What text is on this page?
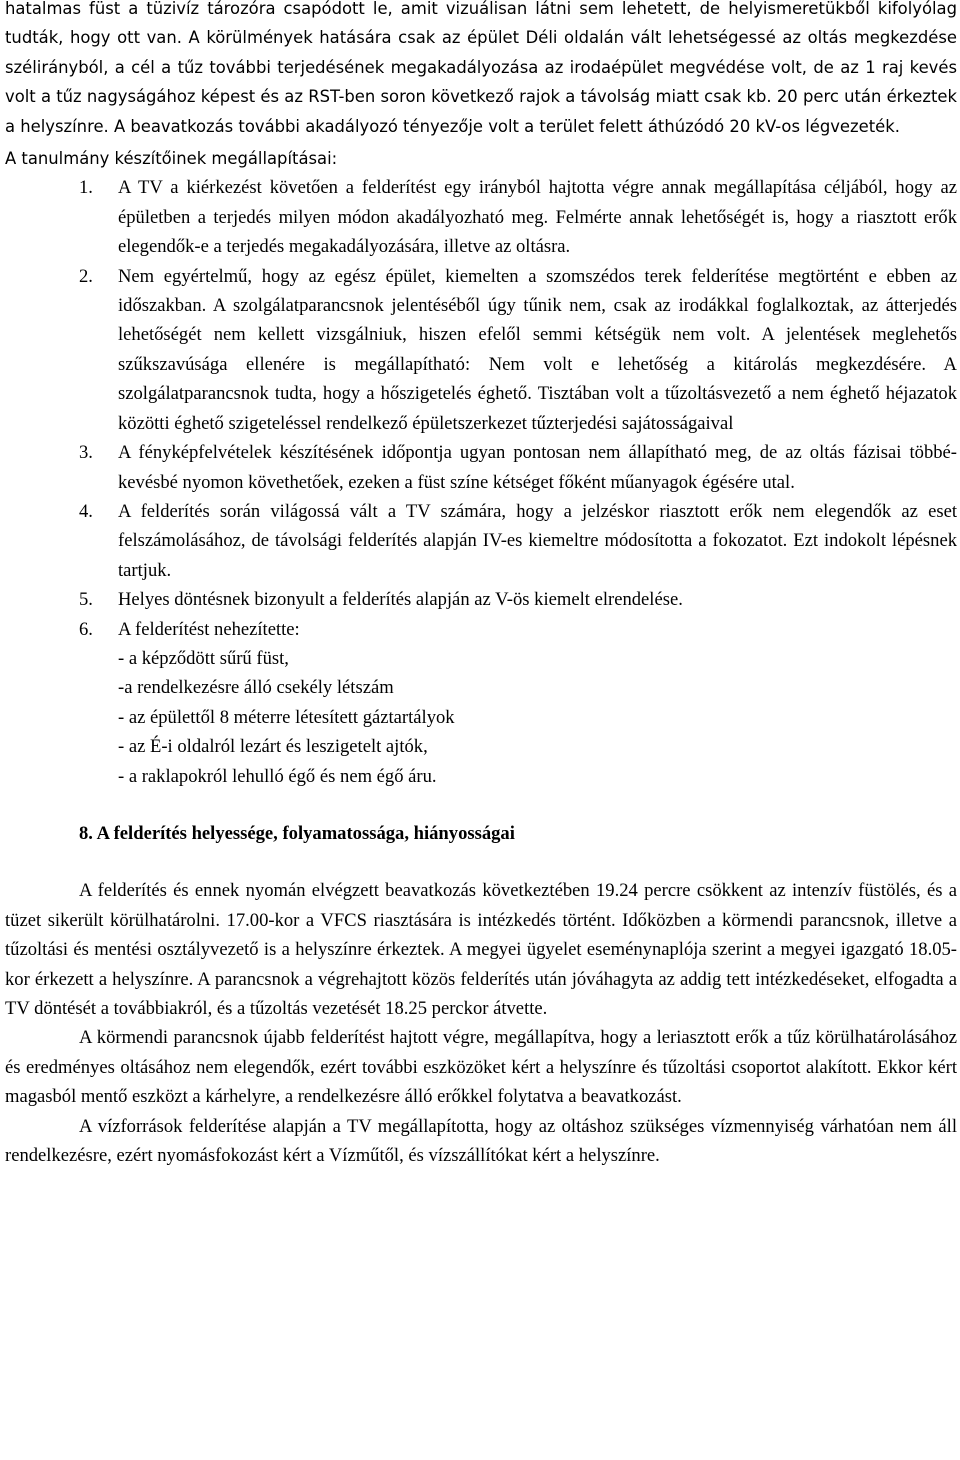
hatalmas füst a tüzivíz tározóra csapódott le, amit vizuálisan látni sem lehetett, de helyismeretükből kifolyólag tudták, hogy ott van. A körülmények hatására csak az épület Déli oldalán vált lehetségessé az oltás megkezdése szélirányból, a cél a tűz további terjedésének megakadályozása az irodaépület megvédése volt, de az 1 raj kevés volt a tűz nagyságához képest és az RST-ben soron következő rajok a távolság miatt csak kb. 20 perc után érkeztek a helyszínre. A beavatkozás további akadályozó tényezője volt a terület felett áthúzódó 20 kV-os légvezeték.

A tanulmány készítőinek megállapításai:

1.	A TV a kiérkezést követően a felderítést egy irányból hajtotta végre annak megállapítása céljából, hogy az épületben a terjedés milyen módon akadályozható meg. Felmérte annak lehetőségét is, hogy a riasztott erők elegendők-e a terjedés megakadályozására, illetve az oltásra.
2.	Nem egyértelmű, hogy az egész épület, kiemelten a szomszédos terek felderítése megtörtént e ebben az időszakban. A szolgálatparancsnok jelentéséből úgy tűnik nem, csak az irodákkal foglalkoztak, az átterjedés lehetőségét nem kellett vizsgálniuk, hiszen efelől semmi kétségük nem volt. A jelentések meglehetős szűkszavúsága ellenére is megállapítható: Nem volt e lehetőség a kitárolás megkezdésére. A szolgálatparancsnok tudta, hogy a hőszigetelés éghető. Tisztában volt a tűzoltásvezető a nem éghető héjazatok közötti éghető szigeteléssel rendelkező épületszerkezet tűzterjedési sajátosságaival
3.	A fényképfelvételek készítésének időpontja ugyan pontosan nem állapítható meg, de az oltás fázisai többé-kevésbé nyomon követhetőek, ezeken a füst színe kétséget főként műanyagok égésére utal.
4.	A felderítés során világossá vált a TV számára, hogy a jelzéskor riasztott erők nem elegendők az eset felszámolásához, de távolsági felderítés alapján IV-es kiemeltre módosította a fokozatot. Ezt indokolt lépésnek tartjuk.
5.	Helyes döntésnek bizonyult a felderítés alapján az V-ös kiemelt elrendelése.
6.	A felderítést nehezítette:
- a képződött sűrű füst,
-a rendelkezésre álló csekély létszám
- az épülettől 8 méterre létesített gáztartályok
- az É-i oldalról lezárt és leszigetelt ajtók,
- a raklapokról lehulló égő és nem égő áru.

8. A felderítés helyessége, folyamatossága, hiányosságai

A felderítés és ennek nyomán elvégzett beavatkozás következtében 19.24 percre csökkent az intenzív füstölés, és a tüzet sikerült körülhatárolni. 17.00-kor a VFCS riasztására is intézkedés történt. Időközben a körmendi parancsnok, illetve a tűzoltási és mentési osztályvezető is a helyszínre érkeztek. A megyei ügyelet eseménynaplója szerint a megyei igazgató 18.05-kor érkezett a helyszínre. A parancsnok a végrehajtott közös felderítés után jóváhagyta az addig tett intézkedéseket, elfogadta a TV döntését a továbbiakról, és a tűzoltás vezetését 18.25 perckor átvette.

A körmendi parancsnok újabb felderítést hajtott végre, megállapítva, hogy a leriasztott erők a tűz körülhatárolásához és eredményes oltásához nem elegendők, ezért további eszközöket kért a helyszínre és tűzoltási csoportot alakított. Ekkor kért magasból mentő eszközt a kárhelyre, a rendelkezésre álló erőkkel folytatva a beavatkozást.

A vízforrások felderítése alapján a TV megállapította, hogy az oltáshoz szükséges vízmennyiség várhatóan nem áll rendelkezésre, ezért nyomásfokozást kért a Vízműtől, és vízszállítókat kért a helyszínre.
